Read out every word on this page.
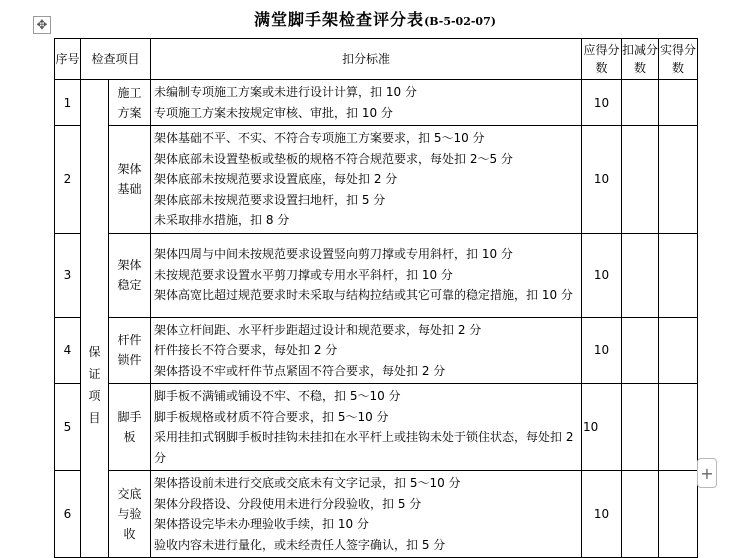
✥	满堂脚手架检查评分表(B-5-02-07)
序号	检查项目		扣分标准	应得分数	扣减分数	实得分数
1	保证项目	施工方案	未编制专项施工方案或未进行设计计算，扣 10 分
专项施工方案未按规定审核、审批，扣 10 分	10		
2		架体基础	架体基础不平、不实、不符合专项施工方案要求，扣 5～10 分
架体底部未设置垫板或垫板的规格不符合规范要求，每处扣 2～5 分
架体底部未按规范要求设置底座，每处扣 2 分
架体底部未按规范要求设置扫地杆，扣 5 分
未采取排水措施，扣 8 分	10		
3		架体稳定	架体四周与中间未按规范要求设置竖向剪刀撑或专用斜杆，扣 10 分
未按规范要求设置水平剪刀撑或专用水平斜杆，扣 10 分
架体高宽比超过规范要求时未采取与结构拉结或其它可靠的稳定措施，扣 10 分	10		
4		杆件锁件	架体立杆间距、水平杆步距超过设计和规范要求，每处扣 2 分
杆件接长不符合要求，每处扣 2 分
架体搭设不牢或杆件节点紧固不符合要求，每处扣 2 分	10		
5		脚手板	脚手板不满铺或铺设不牢、不稳，扣 5～10 分
脚手板规格或材质不符合要求，扣 5～10 分
采用挂扣式钢脚手板时挂钩未挂扣在水平杆上或挂钩未处于锁住状态，每处扣 2 分	10		
6		交底与验收	架体搭设前未进行交底或交底未有文字记录，扣 5～10 分
架体分段搭设、分段使用未进行分段验收，扣 5 分
架体搭设完毕未办理验收手续，扣 10 分
验收内容未进行量化，或未经责任人签字确认，扣 5 分	10		
+
